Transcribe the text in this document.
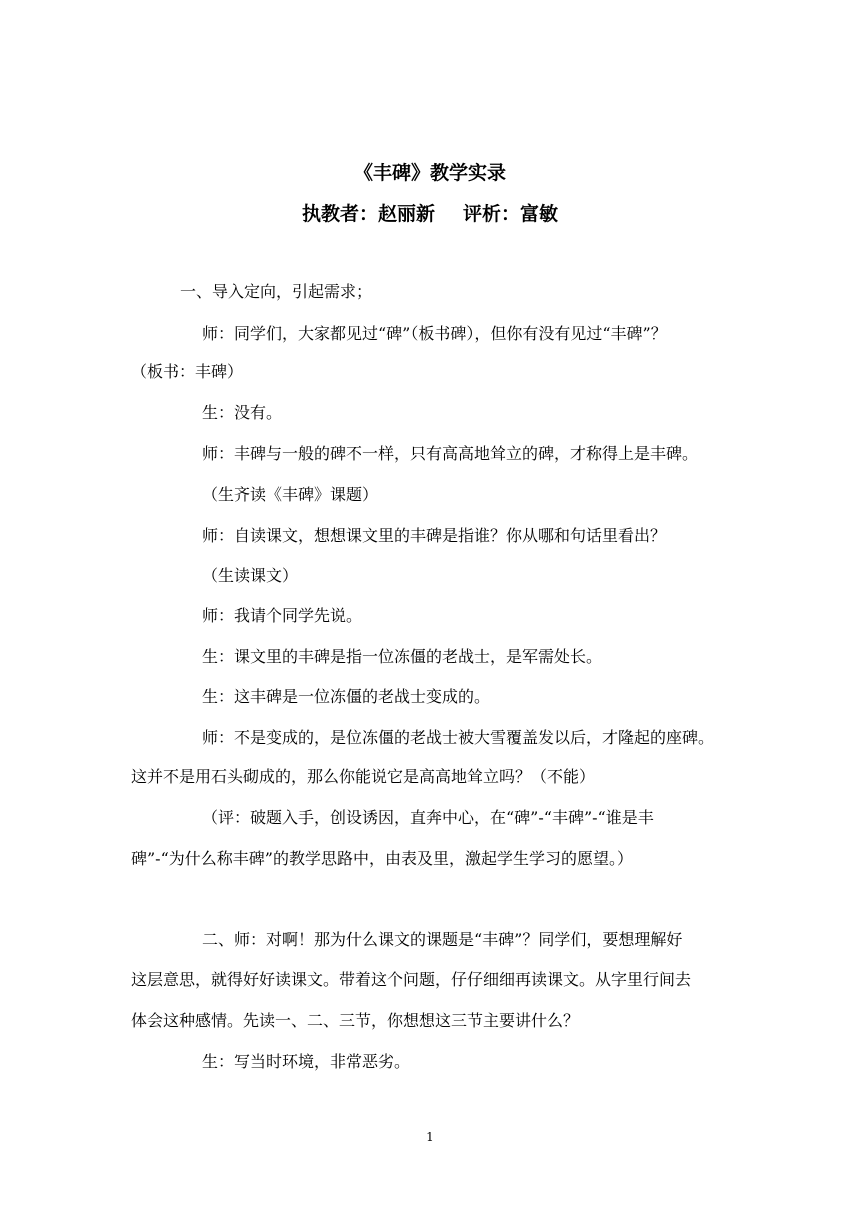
《丰碑》教学实录
执教者：赵丽新 评析：富敏
一、导入定向，引起需求；
师：同学们，大家都见过“碑”（板书碑），但你有没有见过“丰碑”？
（板书：丰碑）
生：没有。
师：丰碑与一般的碑不一样，只有高高地耸立的碑，才称得上是丰碑。
（生齐读《丰碑》课题）
师：自读课文，想想课文里的丰碑是指谁？你从哪和句话里看出？
（生读课文）
师：我请个同学先说。
生：课文里的丰碑是指一位冻僵的老战士，是军需处长。
生：这丰碑是一位冻僵的老战士变成的。
师：不是变成的，是位冻僵的老战士被大雪覆盖发以后，才隆起的座碑。
这并不是用石头砌成的，那么你能说它是高高地耸立吗？（不能）
（评：破题入手，创设诱因，直奔中心，在“碑”-“丰碑”-“谁是丰
碑”-“为什么称丰碑”的教学思路中，由表及里，激起学生学习的愿望。）
二、师：对啊！那为什么课文的课题是“丰碑”？同学们，要想理解好
这层意思，就得好好读课文。带着这个问题，仔仔细细再读课文。从字里行间去
体会这种感情。先读一、二、三节，你想想这三节主要讲什么？
生：写当时环境，非常恶劣。
1
